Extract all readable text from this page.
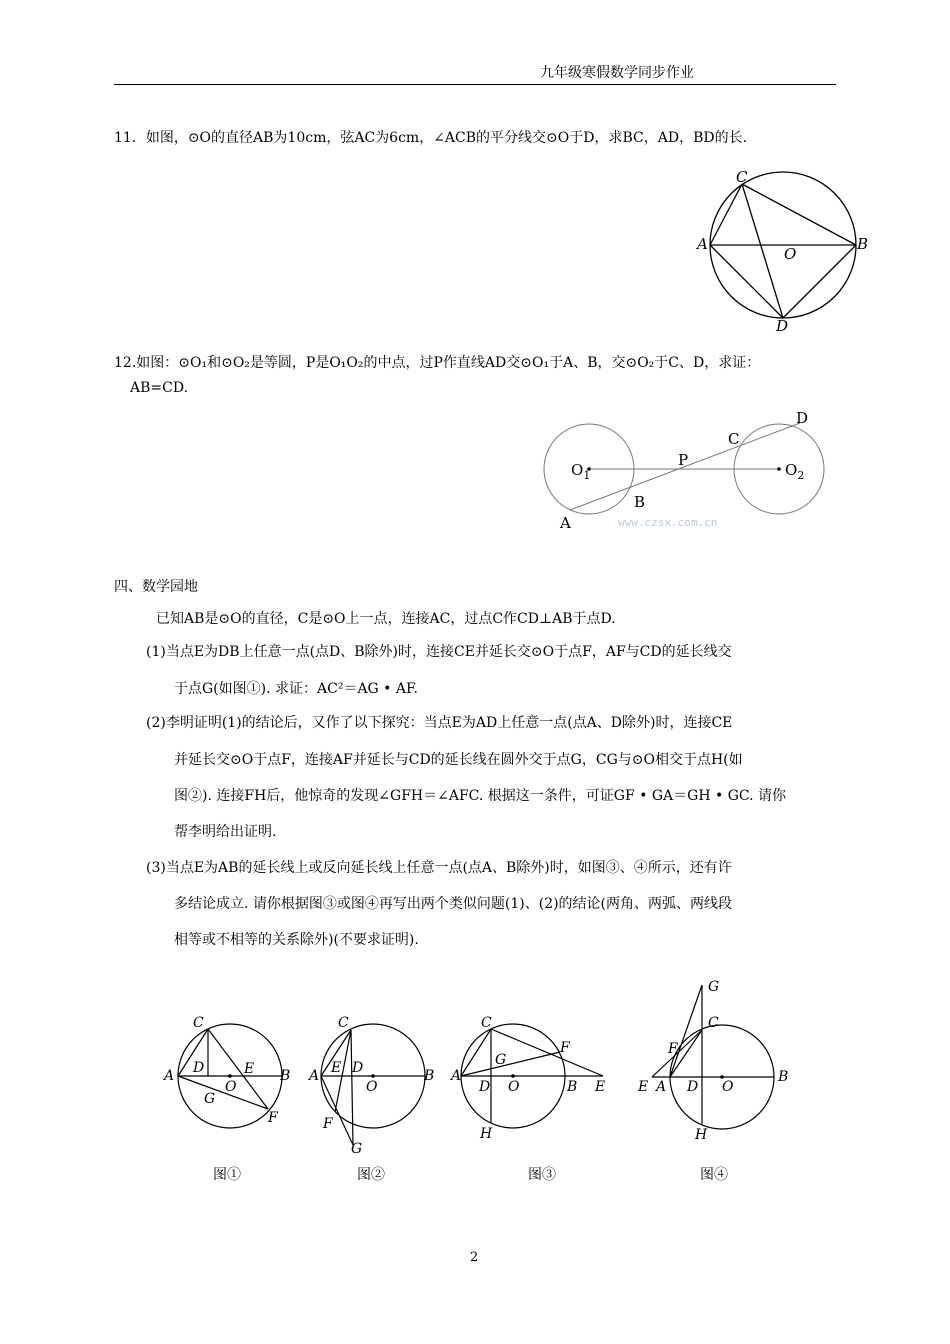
九年级寒假数学同步作业
11．如图，⊙O的直径AB为10cm，弦AC为6cm，∠ACB的平分线交⊙O于D，求BC，AD，BD的长．
C
A
O
B
D
12.如图：⊙O₁和⊙O₂是等圆，P是O₁O₂的中点，过P作直线AD交⊙O₁于A、B，交⊙O₂于C、D，求证：
AB=CD.
$O_1$	$O_2$
P
A
B
C
D
www.czsx.com.cn
四、数学园地
已知AB是⊙O的直径，C是⊙O上一点，连接AC，过点C作CD⊥AB于点D.
(1)当点E为DB上任意一点(点D、B除外)时，连接CE并延长交⊙O于点F，AF与CD的延长线交
于点G(如图①). 求证：AC²＝AG • AF.
(2)李明证明(1)的结论后，又作了以下探究：当点E为AD上任意一点(点A、D除外)时，连接CE
并延长交⊙O于点F，连接AF并延长与CD的延长线在圆外交于点G，CG与⊙O相交于点H(如
图②). 连接FH后，他惊奇的发现∠GFH＝∠AFC. 根据这一条件，可证GF • GA＝GH • GC. 请你
帮李明给出证明.
(3)当点E为AB的延长线上或反向延长线上任意一点(点A、B除外)时，如图③、④所示，还有许
多结论成立. 请你根据图③或图④再写出两个类似问题(1)、(2)的结论(两角、两弧、两线段
相等或不相等的关系除外)(不要求证明).
C
A D
O
E B
G
F
图①
C
A E D
O
B
F
G
图②
C
F
G
A
D O	B E
H
图③
G
C
F
E A D O
B
H
图④
2
